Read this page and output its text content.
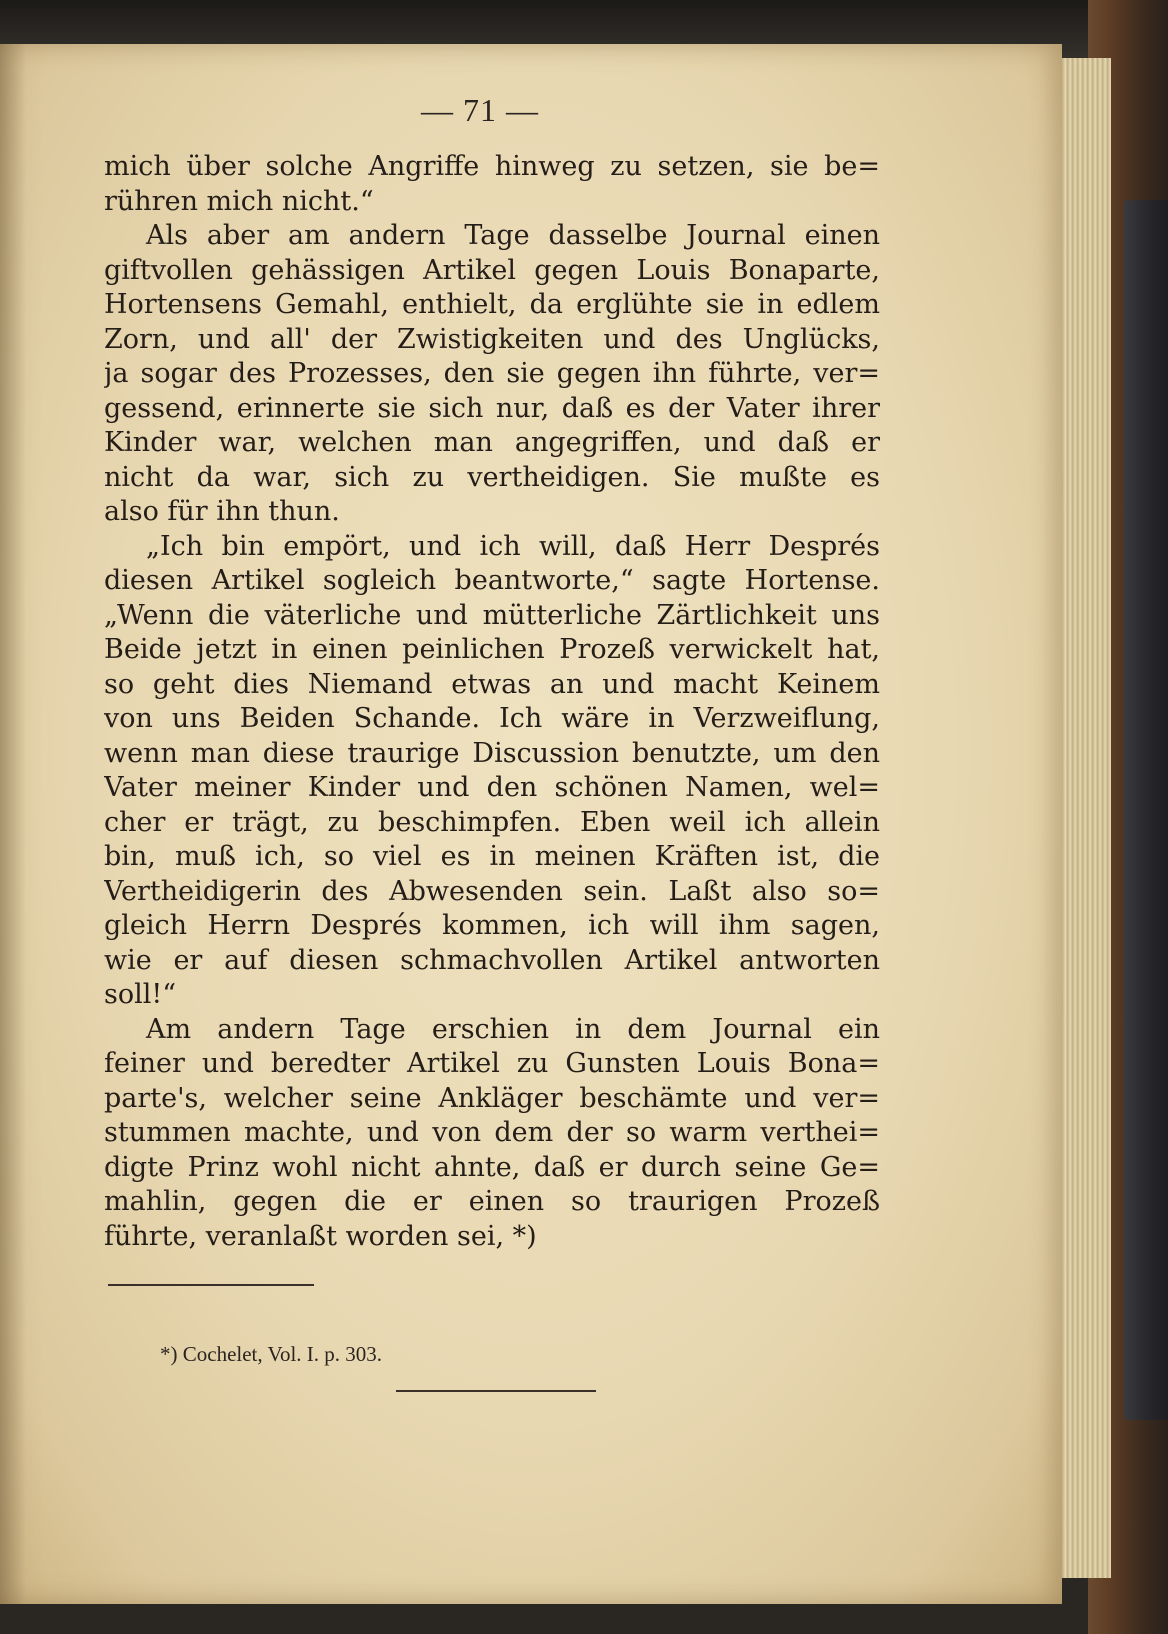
— 71 —
mich über solche Angriffe hinweg zu setzen, sie be=
rühren mich nicht.“
Als aber am andern Tage dasselbe Journal einen
giftvollen gehässigen Artikel gegen Louis Bonaparte,
Hortensens Gemahl, enthielt, da erglühte sie in edlem
Zorn, und all' der Zwistigkeiten und des Unglücks,
ja sogar des Prozesses, den sie gegen ihn führte, ver=
gessend, erinnerte sie sich nur, daß es der Vater ihrer
Kinder war, welchen man angegriffen, und daß er
nicht da war, sich zu vertheidigen. Sie mußte es
also für ihn thun.
„Ich bin empört, und ich will, daß Herr Després
diesen Artikel sogleich beantworte,“ sagte Hortense.
„Wenn die väterliche und mütterliche Zärtlichkeit uns
Beide jetzt in einen peinlichen Prozeß verwickelt hat,
so geht dies Niemand etwas an und macht Keinem
von uns Beiden Schande. Ich wäre in Verzweiflung,
wenn man diese traurige Discussion benutzte, um den
Vater meiner Kinder und den schönen Namen, wel=
cher er trägt, zu beschimpfen. Eben weil ich allein
bin, muß ich, so viel es in meinen Kräften ist, die
Vertheidigerin des Abwesenden sein. Laßt also so=
gleich Herrn Després kommen, ich will ihm sagen,
wie er auf diesen schmachvollen Artikel antworten
soll!“
Am andern Tage erschien in dem Journal ein
feiner und beredter Artikel zu Gunsten Louis Bona=
parte's, welcher seine Ankläger beschämte und ver=
stummen machte, und von dem der so warm verthei=
digte Prinz wohl nicht ahnte, daß er durch seine Ge=
mahlin, gegen die er einen so traurigen Prozeß
führte, veranlaßt worden sei, *)
*) Cochelet, Vol. I. p. 303.
